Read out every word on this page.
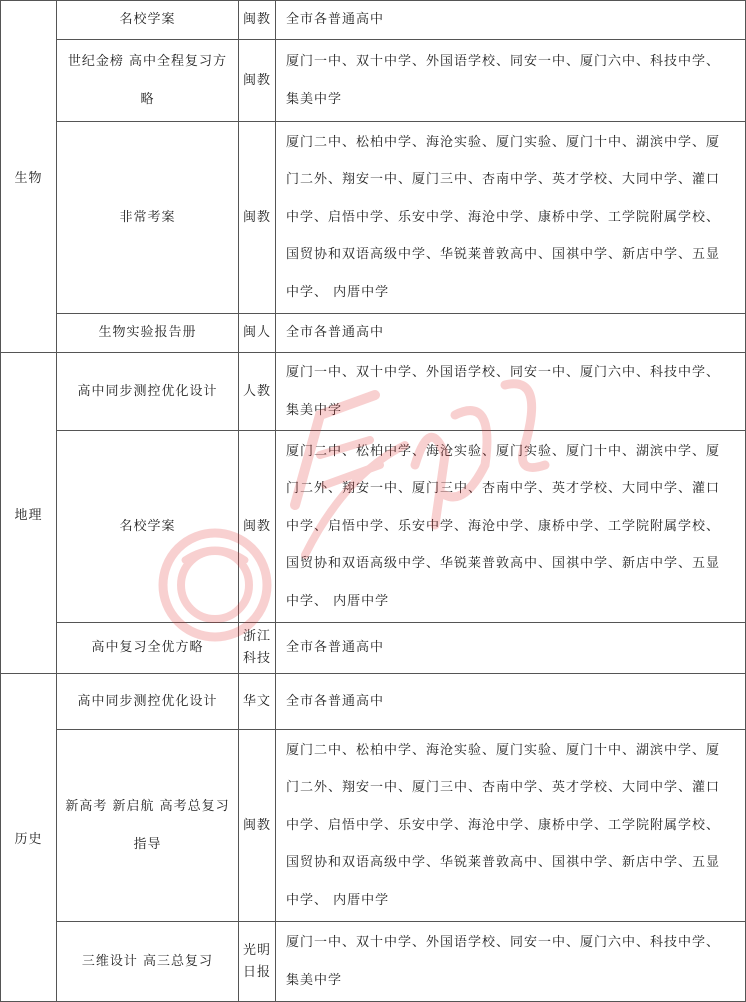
生物	名校学案	闽教	全市各普通高中
	世纪金榜 高中全程复习方略	闽教	厦门一中、双十中学、外国语学校、同安一中、厦门六中、科技中学、集美中学
	非常考案	闽教	厦门二中、松柏中学、海沧实验、厦门实验、厦门十中、湖滨中学、厦门二外、翔安一中、厦门三中、杏南中学、英才学校、大同中学、灌口中学、启悟中学、乐安中学、海沧中学、康桥中学、工学院附属学校、国贸协和双语高级中学、华锐莱普敦高中、国祺中学、新店中学、五显中学、 内厝中学
	生物实验报告册	闽人	全市各普通高中
地理	高中同步测控优化设计	人教	厦门一中、双十中学、外国语学校、同安一中、厦门六中、科技中学、集美中学
	名校学案	闽教	厦门二中、松柏中学、海沧实验、厦门实验、厦门十中、湖滨中学、厦门二外、翔安一中、厦门三中、杏南中学、英才学校、大同中学、灌口中学、启悟中学、乐安中学、海沧中学、康桥中学、工学院附属学校、国贸协和双语高级中学、华锐莱普敦高中、国祺中学、新店中学、五显中学、 内厝中学
	高中复习全优方略	浙江科技	全市各普通高中
历史	高中同步测控优化设计	华文	全市各普通高中
	新高考 新启航 高考总复习指导	闽教	厦门二中、松柏中学、海沧实验、厦门实验、厦门十中、湖滨中学、厦门二外、翔安一中、厦门三中、杏南中学、英才学校、大同中学、灌口中学、启悟中学、乐安中学、海沧中学、康桥中学、工学院附属学校、国贸协和双语高级中学、华锐莱普敦高中、国祺中学、新店中学、五显中学、 内厝中学
	三维设计 高三总复习	光明日报	厦门一中、双十中学、外国语学校、同安一中、厦门六中、科技中学、集美中学
